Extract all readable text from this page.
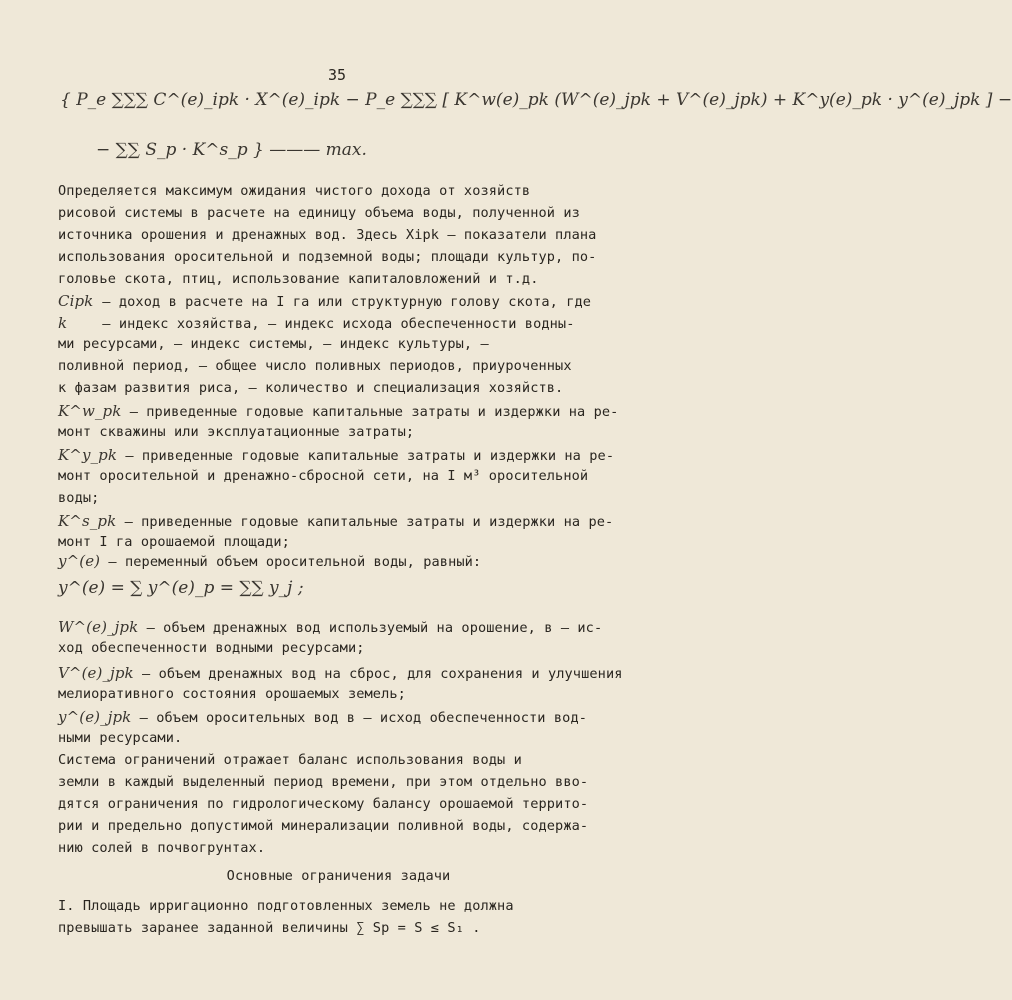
35
{ P_e ∑∑∑ C^(e)_ipk · X^(e)_ipk − P_e ∑∑∑ [ K^w(e)_pk (W^(e)_jpk + V^(e)_jpk) + K^y(e)_pk · y^(e)_jpk ] −
− ∑∑ S_p · K^s_p } ——— max.
Определяется максимум ожидания чистого дохода от хозяйств
рисовой системы в расчете на единицу объема воды, полученной из
источника орошения и дренажных вод. Здесь Xipk – показатели плана
использования оросительной и подземной воды; площади культур, по-
головье скота, птиц, использование капиталовложений и т.д.
Cipk – доход в расчете на I га или структурную голову скота, где
k	– индекс хозяйства, – индекс исхода обеспеченности водны-
ми ресурсами, – индекс системы, – индекс культуры, –
поливной период, – общее число поливных периодов, приуроченных
к фазам развития риса, – количество и специализация хозяйств.
K^w_pk – приведенные годовые капитальные затраты и издержки на ре-
монт скважины или эксплуатационные затраты;
K^y_pk – приведенные годовые капитальные затраты и издержки на ре-
монт оросительной и дренажно-сбросной сети, на I м³ оросительной
воды;
K^s_pk – приведенные годовые капитальные затраты и издержки на ре-
монт I га орошаемой площади;
y^(e) – переменный объем оросительной воды, равный:
y^(e) = ∑ y^(e)_p = ∑∑ y_j ;
W^(e)_jpk – объем дренажных вод используемый на орошение, в – ис-
ход обеспеченности водными ресурсами;
V^(e)_jpk – объем дренажных вод на сброс, для сохранения и улучшения
мелиоративного состояния орошаемых земель;
y^(e)_jpk – объем оросительных вод в – исход обеспеченности вод-
ными ресурсами.
Система ограничений отражает баланс использования воды и
земли в каждый выделенный период времени, при этом отдельно вво-
дятся ограничения по гидрологическому балансу орошаемой террито-
рии и предельно допустимой минерализации поливной воды, содержа-
нию солей в почвогрунтах.
Основные ограничения задачи
I. Площадь ирригационно подготовленных земель не должна
превышать заранее заданной величины ∑ Sp = S ≤ S₁ .
